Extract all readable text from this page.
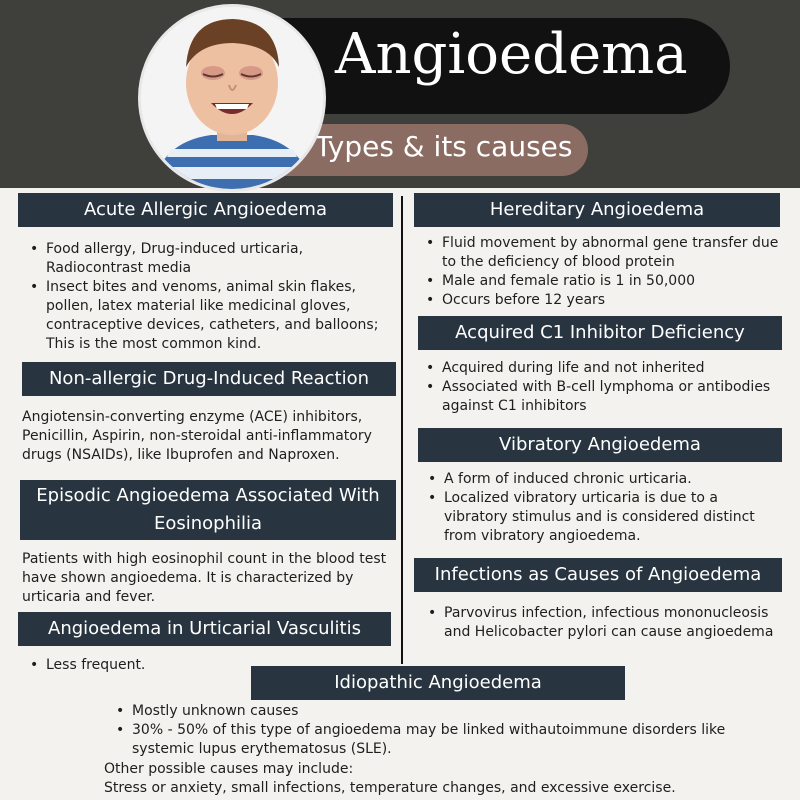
Angioedema
Types & its causes
Acute Allergic Angioedema
• Food allergy, Drug-induced urticaria, Radiocontrast media
• Insect bites and venoms, animal skin flakes, pollen, latex material like medicinal gloves, contraceptive devices, catheters, and balloons; This is the most common kind.
Non-allergic Drug-Induced Reaction

Angiotensin-converting enzyme (ACE) inhibitors, Penicillin, Aspirin, non-steroidal anti-inflammatory drugs (NSAIDs), like Ibuprofen and Naproxen.

Episodic Angioedema Associated With Eosinophilia

Patients with high eosinophil count in the blood test have shown angioedema. It is characterized by urticaria and fever.

Angioedema in Urticarial Vasculitis
• Less frequent.
Hereditary Angioedema
• Fluid movement by abnormal gene transfer due to the deficiency of blood protein
• Male and female ratio is 1 in 50,000
• Occurs before 12 years
Acquired C1 Inhibitor Deficiency
• Acquired during life and not inherited
• Associated with B-cell lymphoma or antibodies against C1 inhibitors
Vibratory Angioedema
• A form of induced chronic urticaria.
• Localized vibratory urticaria is due to a vibratory stimulus and is considered distinct from vibratory angioedema.
Infections as Causes of Angioedema
• Parvovirus infection, infectious mononucleosis and Helicobacter pylori can cause angioedema
Idiopathic Angioedema
• Mostly unknown causes
• 30% - 50% of this type of angioedema may be linked withautoimmune disorders like systemic lupus erythematosus (SLE).

Other possible causes may include:

Stress or anxiety, small infections, temperature changes, and excessive exercise.
